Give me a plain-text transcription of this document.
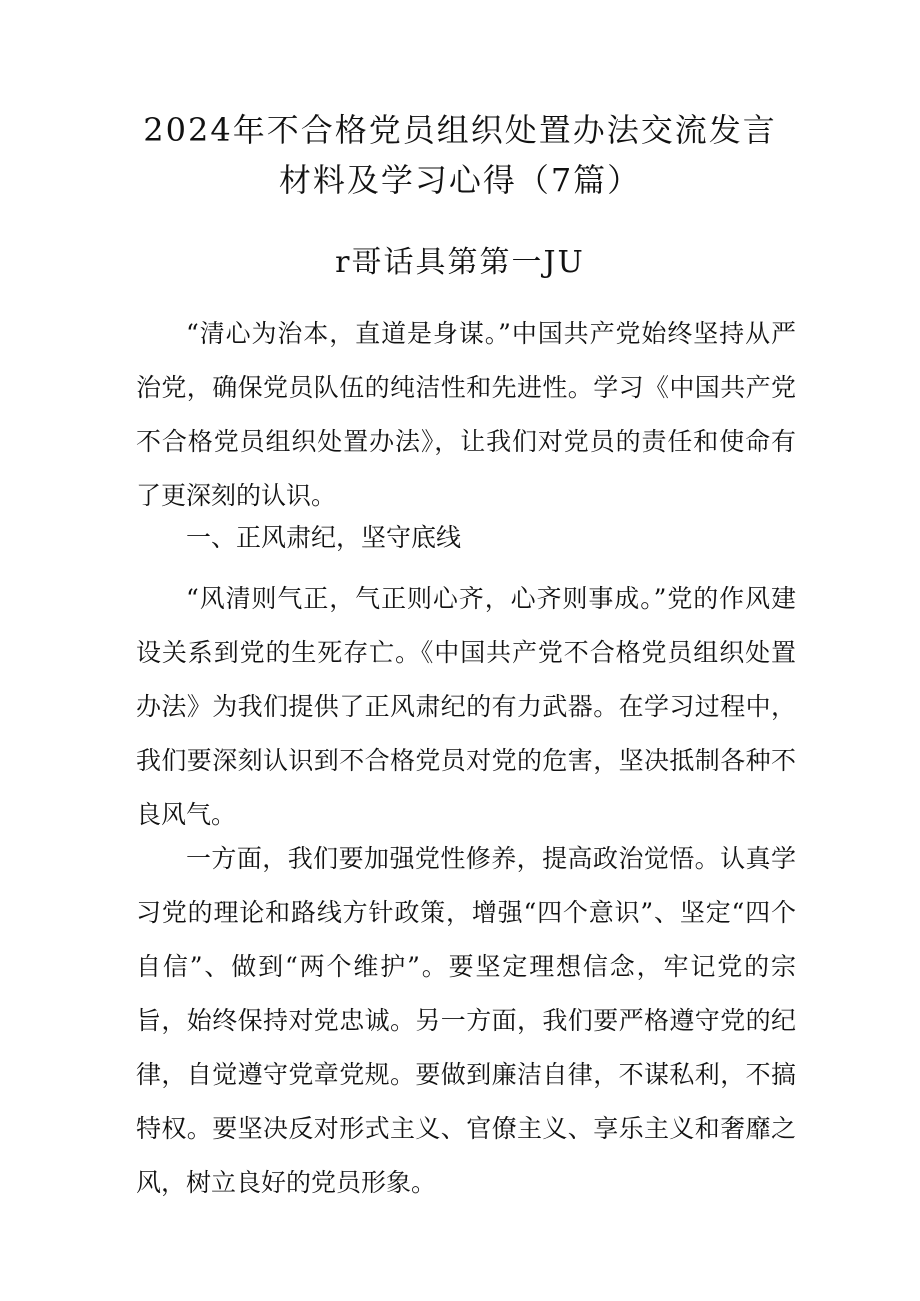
2024年不合格党员组织处置办法交流发言
材料及学习心得（7篇）
r哥话具第第一JU

“清心为治本，直道是身谋。”中国共产党始终坚持从严治党，确保党员队伍的纯洁性和先进性。学习《中国共产党不合格党员组织处置办法》，让我们对党员的责任和使命有了更深刻的认识。

一、正风肃纪，坚守底线

“风清则气正，气正则心齐，心齐则事成。”党的作风建设关系到党的生死存亡。《中国共产党不合格党员组织处置办法》为我们提供了正风肃纪的有力武器。在学习过程中，我们要深刻认识到不合格党员对党的危害，坚决抵制各种不良风气。

一方面，我们要加强党性修养，提高政治觉悟。认真学习党的理论和路线方针政策，增强“四个意识”、坚定“四个自信”、做到“两个维护”。要坚定理想信念，牢记党的宗旨，始终保持对党忠诚。另一方面，我们要严格遵守党的纪律，自觉遵守党章党规。要做到廉洁自律，不谋私利，不搞特权。要坚决反对形式主义、官僚主义、享乐主义和奢靡之风，树立良好的党员形象。
